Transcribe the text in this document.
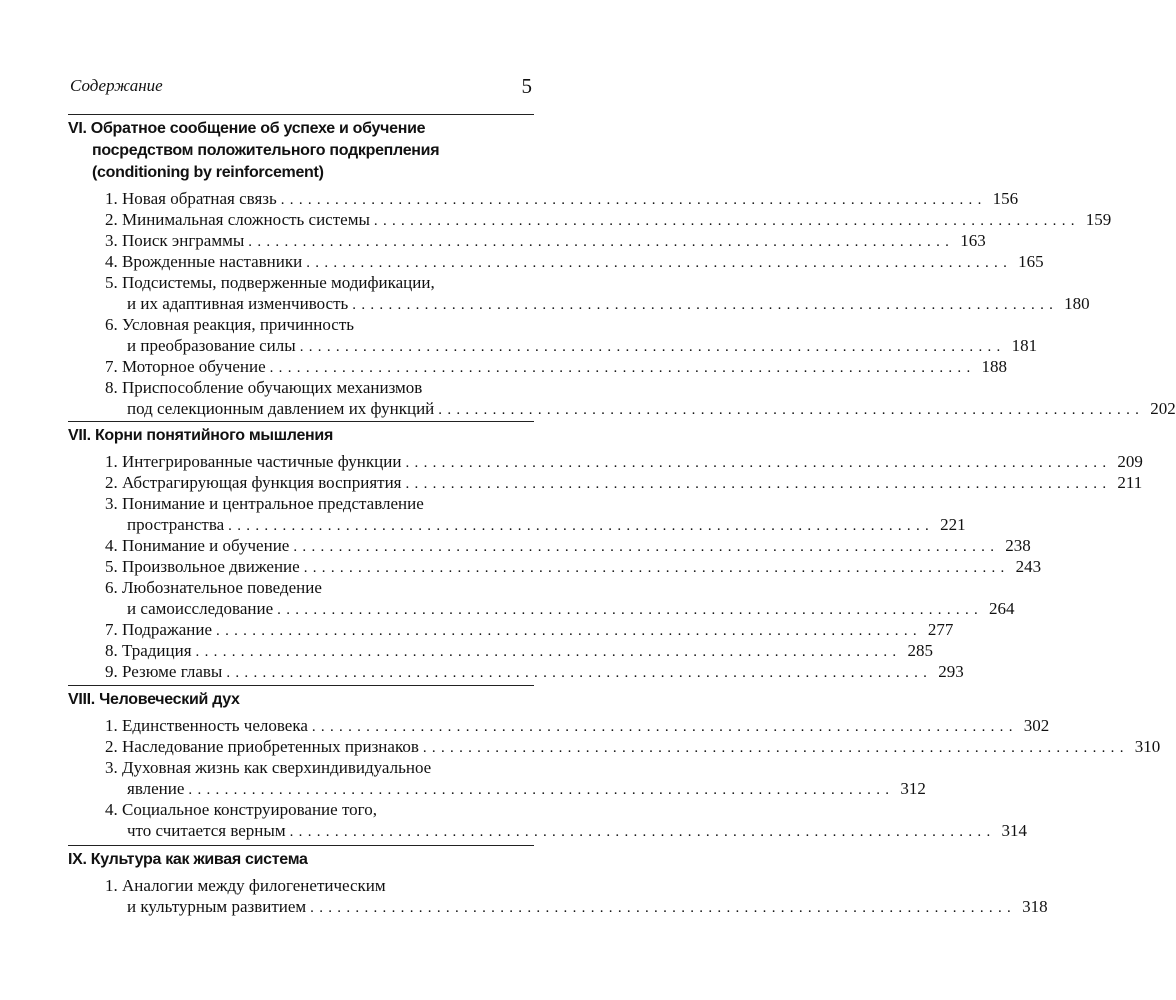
Содержание	5
VI. Обратное сообщение об успехе и обучение
посредством положительного подкрепления
(conditioning by reinforcement)
1. Новая обратная связь .............................................................................. 156
2. Минимальная сложность системы .............................................................................. 159
3. Поиск энграммы .............................................................................. 163
4. Врожденные наставники .............................................................................. 165
5. Подсистемы, подверженные модификации,
и их адаптивная изменчивость .............................................................................. 180
6. Условная реакция, причинность
и преобразование силы .............................................................................. 181
7. Моторное обучение .............................................................................. 188
8. Приспособление обучающих механизмов
под селекционным давлением их функций .............................................................................. 202
VII. Корни понятийного мышления
1. Интегрированные частичные функции .............................................................................. 209
2. Абстрагирующая функция восприятия .............................................................................. 211
3. Понимание и центральное представление
пространства .............................................................................. 221
4. Понимание и обучение .............................................................................. 238
5. Произвольное движение .............................................................................. 243
6. Любознательное поведение
и самоисследование .............................................................................. 264
7. Подражание .............................................................................. 277
8. Традиция .............................................................................. 285
9. Резюме главы .............................................................................. 293
VIII. Человеческий дух
1. Единственность человека .............................................................................. 302
2. Наследование приобретенных признаков .............................................................................. 310
3. Духовная жизнь как сверхиндивидуальное
явление .............................................................................. 312
4. Социальное конструирование того,
что считается верным .............................................................................. 314
IX. Культура как живая система
1. Аналогии между филогенетическим
и культурным развитием .............................................................................. 318
